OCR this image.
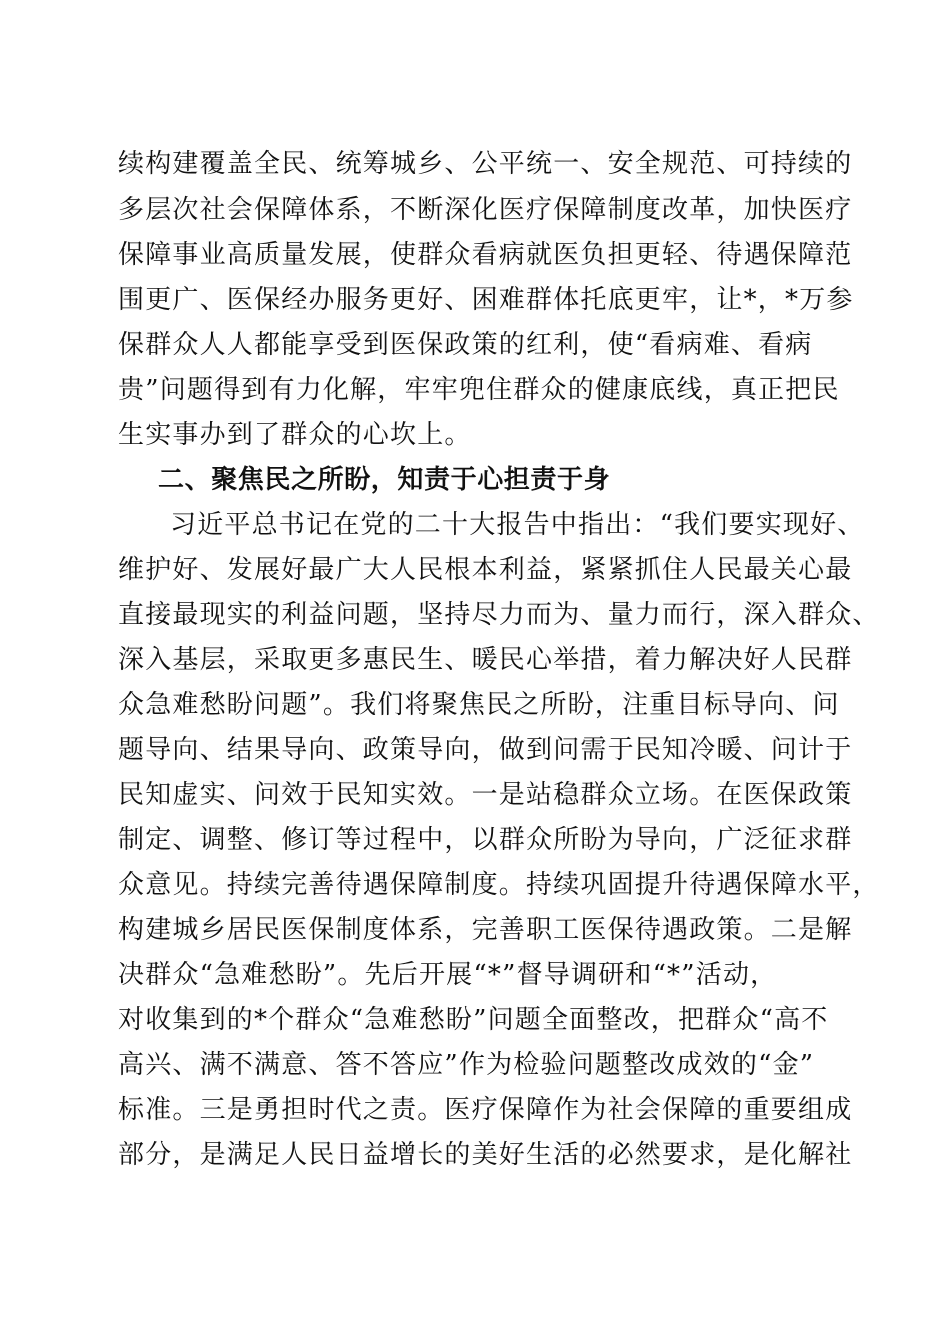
续构建覆盖全民、统筹城乡、公平统一、安全规范、可持续的
多层次社会保障体系，不断深化医疗保障制度改革，加快医疗
保障事业高质量发展，使群众看病就医负担更轻、待遇保障范
围更广、医保经办服务更好、困难群体托底更牢，让*，*万参
保群众人人都能享受到医保政策的红利，使“看病难、看病
贵”问题得到有力化解，牢牢兜住群众的健康底线，真正把民
生实事办到了群众的心坎上。
二、聚焦民之所盼，知责于心担责于身
习近平总书记在党的二十大报告中指出：“我们要实现好、
维护好、发展好最广大人民根本利益，紧紧抓住人民最关心最
直接最现实的利益问题，坚持尽力而为、量力而行，深入群众、
深入基层，采取更多惠民生、暖民心举措，着力解决好人民群
众急难愁盼问题”。我们将聚焦民之所盼，注重目标导向、问
题导向、结果导向、政策导向，做到问需于民知冷暖、问计于
民知虚实、问效于民知实效。一是站稳群众立场。在医保政策
制定、调整、修订等过程中，以群众所盼为导向，广泛征求群
众意见。持续完善待遇保障制度。持续巩固提升待遇保障水平，
构建城乡居民医保制度体系，完善职工医保待遇政策。二是解
决群众“急难愁盼”。先后开展“*”督导调研和“*”活动，
对收集到的*个群众“急难愁盼”问题全面整改，把群众“高不
高兴、满不满意、答不答应”作为检验问题整改成效的“金”
标准。三是勇担时代之责。医疗保障作为社会保障的重要组成
部分，是满足人民日益增长的美好生活的必然要求，是化解社
